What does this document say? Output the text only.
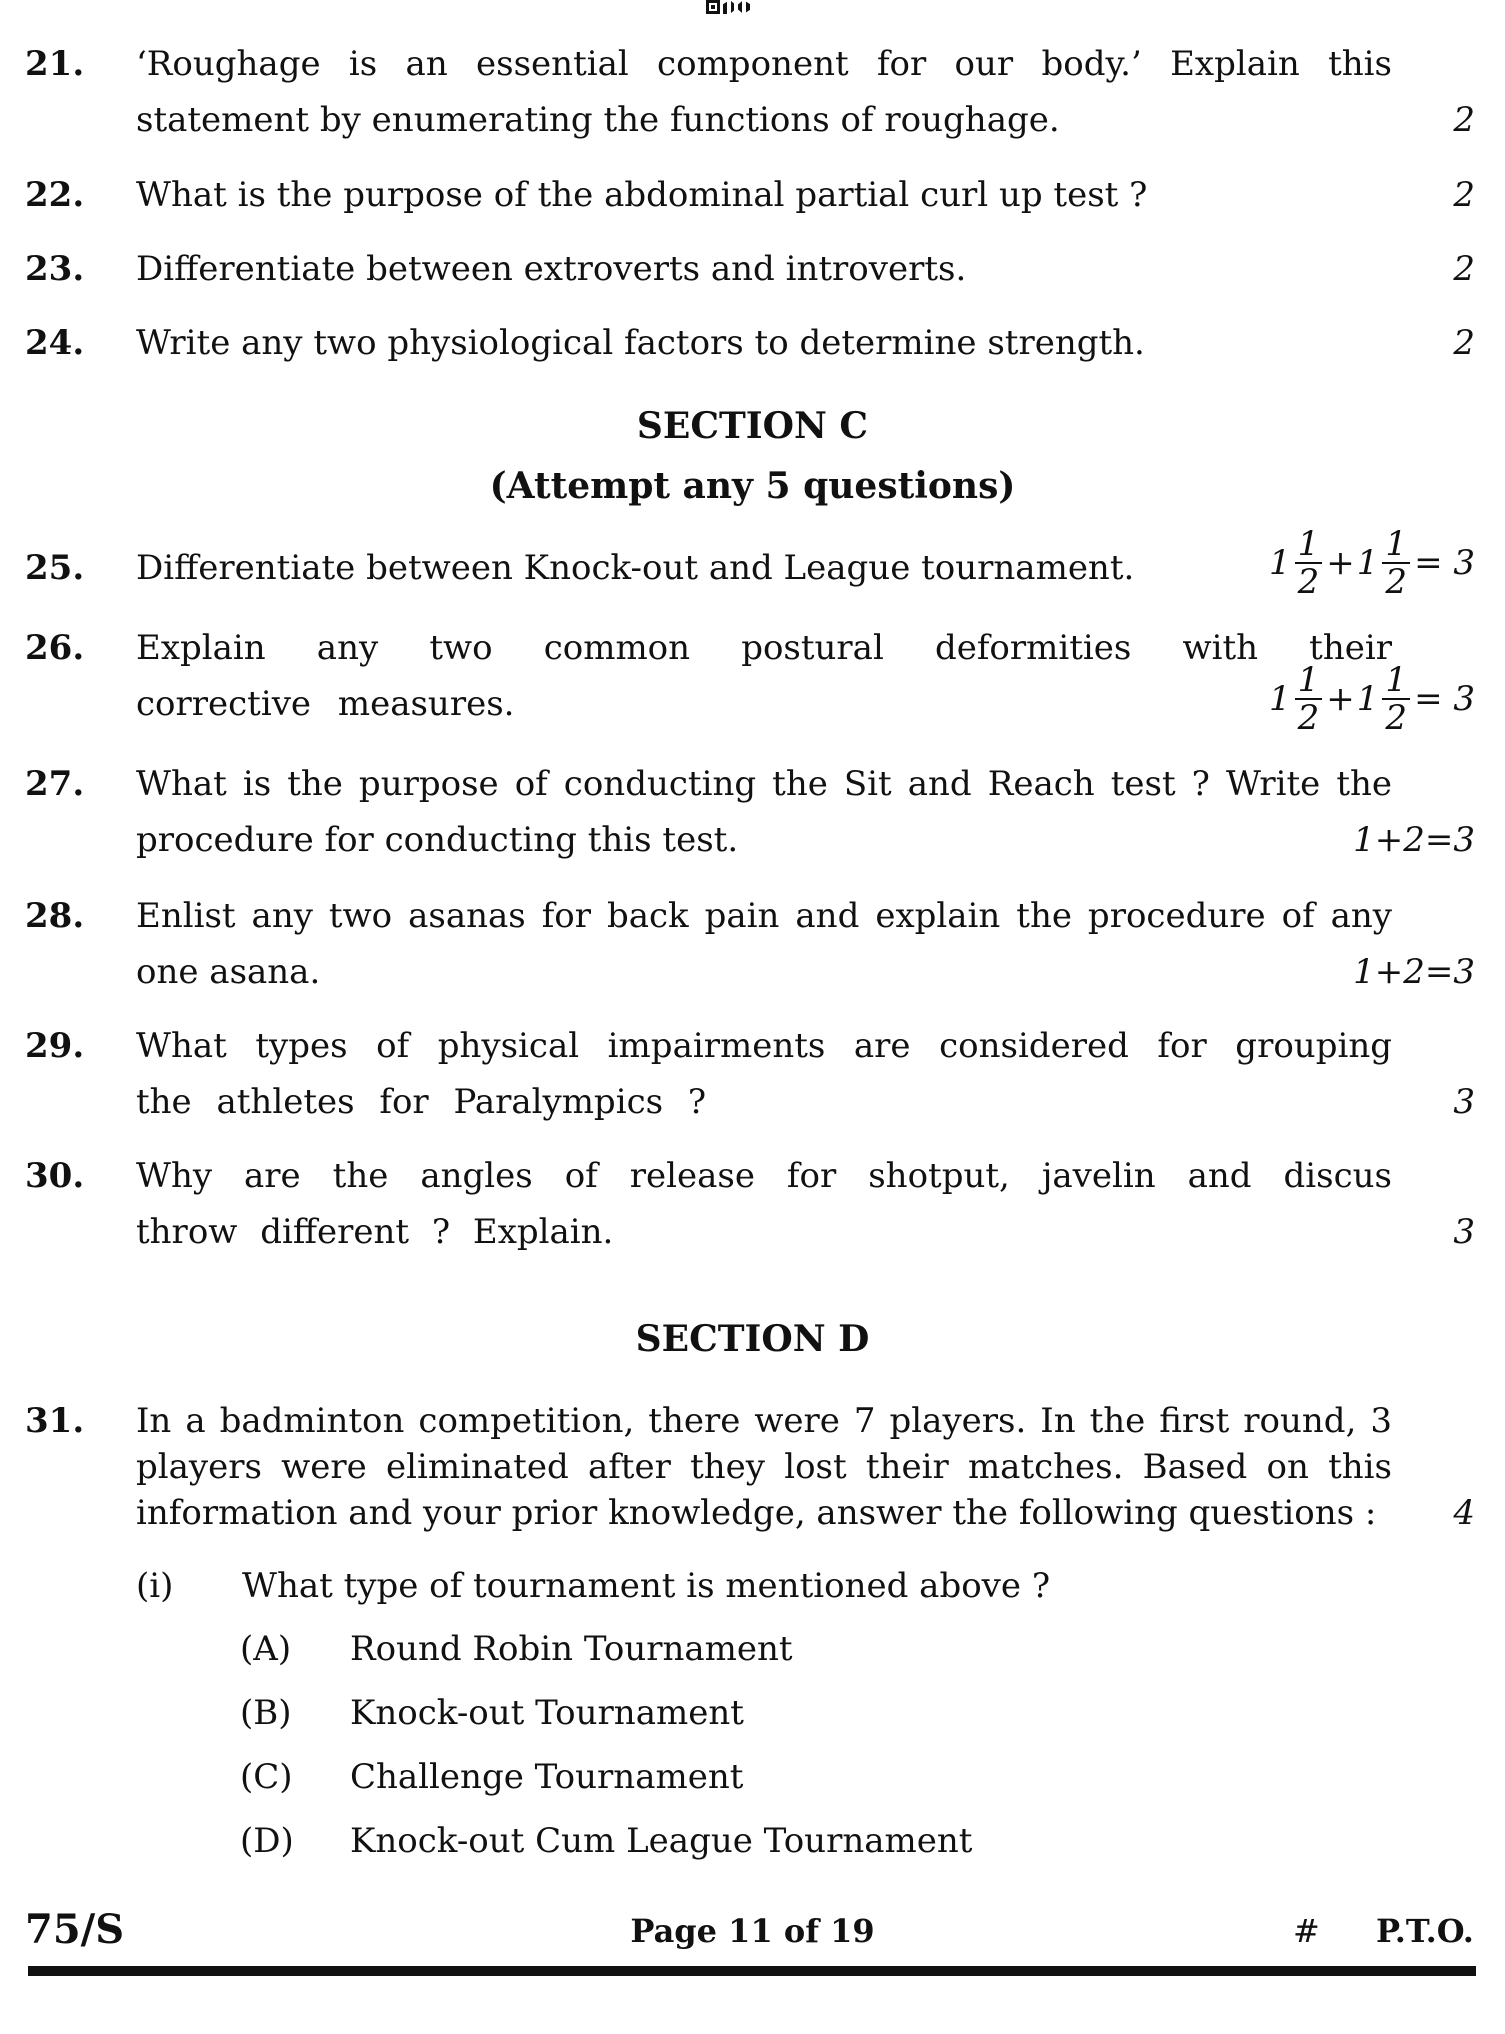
21. ‘Roughage is an essential component for our body.’ Explain this statement by enumerating the functions of roughage.	2
22. What is the purpose of the abdominal partial curl up test ?	2
23. Differentiate between extroverts and introverts.	2
24. Write any two physiological factors to determine strength.	2
SECTION C
(Attempt any 5 questions)
25. Differentiate between Knock-out and League tournament.	$1 \frac{1}{2} + 1 \frac{1}{2} = 3$
26. Explain any two common postural deformities with their corrective measures.	$1 \frac{1}{2} + 1 \frac{1}{2} = 3$
27. What is the purpose of conducting the Sit and Reach test ? Write the procedure for conducting this test.	1+2=3
28. Enlist any two asanas for back pain and explain the procedure of any one asana.	1+2=3
29. What types of physical impairments are considered for grouping the athletes for Paralympics ?	3
30. Why are the angles of release for shotput, javelin and discus throw different ? Explain.	3
SECTION D
31. In a badminton competition, there were 7 players. In the first round, 3 players were eliminated after they lost their matches. Based on this information and your prior knowledge, answer the following questions :	4
(i) What type of tournament is mentioned above ?
(A) Round Robin Tournament
(B) Knock-out Tournament
(C) Challenge Tournament
(D) Knock-out Cum League Tournament
75/S	Page 11 of 19	# P.T.O.
